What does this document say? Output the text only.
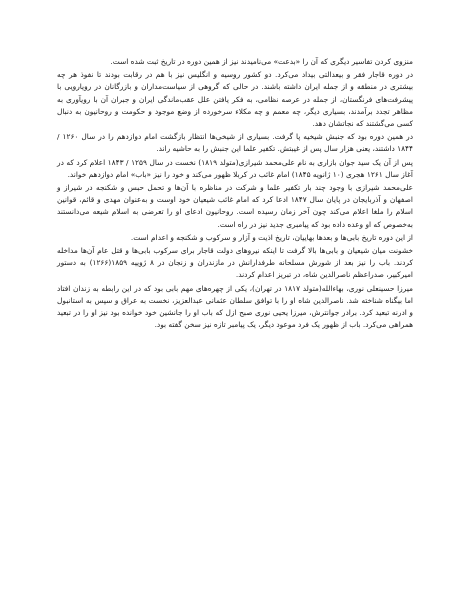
منزوی کردن تفاسیر دیگری که آن را «بدعت» می‌نامیدند نیز از همین دوره در تاریخ ثبت شده است.
در دوره قاجار فقر و بیعدالتی بیداد می‌کرد. دو کشور روسیه و انگلیس نیز با هم در رقابت بودند تا نفوذ هر چه بیشتری در منطقه و از جمله ایران داشته باشند. در حالی که گروهی از سیاست‌مداران و بازرگانان در رویارویی با پیشرفت‌های فرنگستان، از جمله در عرصه نظامی، به فکر یافتن علل عقب‌ماندگی ایران و جبران آن با رویآوری به مظاهر تجدد برآمدند، بسیاری دیگر، چه معمم و چه مکلاء سرخورده از وضع موجود و حکومت و روحانیون به دنبال کسی می‌گشتند که نجاتشان دهد.
در همین دوره بود که جنبش شیخیه پا گرفت. بسیاری از شیخی‌ها انتظار بازگشت امام دوازدهم را در سال ۱۲۶۰ / ۱۸۴۴ داشتند، یعنی هزار سال پس از غیبتش. تکفیر علما این جنبش را به حاشیه راند.
پس از آن یک سید جوان بازاری به نام علی‌محمد شیرازی(متولد ۱۸۱۹) نخست در سال ۱۲۵۹ / ۱۸۴۳ اعلام کرد که در آغاز سال ۱۲۶۱ هجری (۱۰ ژانویه ۱۸۴۵) امام غائب در کربلا ظهور می‌کند و خود را نیز «باب» امام دوازدهم خواند.
علی‌محمد شیرازی با وجود چند بار تکفیر علما و شرکت در مناظره با آن‌ها و تحمل حبس و شکنجه در شیراز و اصفهان و آذربایجان در پایان سال ۱۸۴۷ ادعا کرد که امام غائب شیعیان خود اوست و به‌عنوان مهدی و قائم، قوانین اسلام را ملغا اعلام می‌کند چون آخر زمان رسیده است. روحانیون ادعای او را تعرضی به اسلام شیعه می‌دانستند به‌خصوص که او وعده داده بود که پیامبری جدید نیز در راه است.
از این دوره تاریخ بابی‌ها و بعدها بهاییان، تاریخ اذیت و آزار و سرکوب و شکنجه و اعدام است.
خشونت میان شیعیان و بابی‌ها بالا گرفت تا اینکه نیروهای دولت قاجار برای سرکوب بابی‌ها و قتل عام آن‌ها مداخله کردند. باب را نیز بعد از شورش مسلحانه طرفدارانش در مازندران و زنجان در ۸ ژوییه ۱۸۵۹(۱۲۶۶) به دستور امیرکبیر، صدراعظم ناصرالدین شاه، در تبریز اعدام کردند.
میرزا حسینعلی نوری، بهاءالله(متولد ۱۸۱۷ در تهران)، یکی از چهره‌های مهم بابی بود که در این رابطه به زندان افتاد اما بیگناه شناخته شد. ناصرالدین شاه او را با توافق سلطان عثمانی عبدالعزیز، نخست به عراق و سپس به استانبول و ادرنه تبعید کرد. برادر جوانترش، میرزا یحیی نوری صبح ازل که باب او را جانشین خود خوانده بود نیز او را در تبعید همراهی می‌کرد. باب از ظهور یک فرد موعود دیگر، یک پیامبر تازه نیز سخن گفته بود.
